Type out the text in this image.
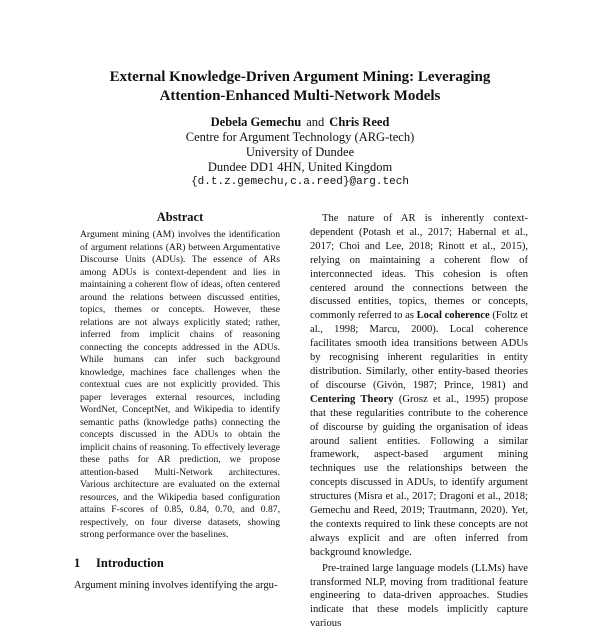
External Knowledge-Driven Argument Mining: Leveraging
Attention-Enhanced Multi-Network Models
Debela Gemechu and Chris Reed
Centre for Argument Technology (ARG-tech)
University of Dundee
Dundee DD1 4HN, United Kingdom
{d.t.z.gemechu,c.a.reed}@arg.tech
Abstract
Argument mining (AM) involves the identification of argument relations (AR) between Argumentative Discourse Units (ADUs). The essence of ARs among ADUs is context-dependent and lies in maintaining a coherent flow of ideas, often centered around the relations between discussed entities, topics, themes or concepts. However, these relations are not always explicitly stated; rather, inferred from implicit chains of reasoning connecting the concepts addressed in the ADUs. While humans can infer such background knowledge, machines face challenges when the contextual cues are not explicitly provided. This paper leverages external resources, including WordNet, ConceptNet, and Wikipedia to identify semantic paths (knowledge paths) connecting the concepts discussed in the ADUs to obtain the implicit chains of reasoning. To effectively leverage these paths for AR prediction, we propose attention-based Multi-Network architectures. Various architecture are evaluated on the external resources, and the Wikipedia based configuration attains F-scores of 0.85, 0.84, 0.70, and 0.87, respectively, on four diverse datasets, showing strong performance over the baselines.
1 Introduction
Argument mining involves identifying the argu-

The nature of AR is inherently context-dependent (Potash et al., 2017; Habernal et al., 2017; Choi and Lee, 2018; Rinott et al., 2015), relying on maintaining a coherent flow of interconnected ideas. This cohesion is often centered around the connections between the discussed entities, topics, themes or concepts, commonly referred to as Local coherence (Foltz et al., 1998; Marcu, 2000). Local coherence facilitates smooth idea transitions between ADUs by recognising inherent regularities in entity distribution. Similarly, other entity-based theories of discourse (Givón, 1987; Prince, 1981) and Centering Theory (Grosz et al., 1995) propose that these regularities contribute to the coherence of discourse by guiding the organisation of ideas around salient entities. Following a similar framework, aspect-based argument mining techniques use the relationships between the concepts discussed in ADUs, to identify argument structures (Misra et al., 2017; Dragoni et al., 2018; Gemechu and Reed, 2019; Trautmann, 2020). Yet, the contexts required to link these concepts are not always explicit and are often inferred from background knowledge.

Pre-trained large language models (LLMs) have transformed NLP, moving from traditional feature engineering to data-driven approaches. Studies indicate that these models implicitly capture various
